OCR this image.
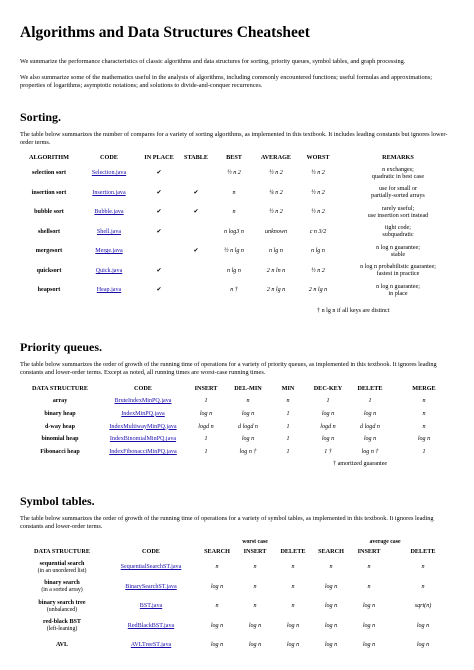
Algorithms and Data Structures Cheatsheet

We summarize the performance characteristics of classic algorithms and data structures for sorting, priority queues, symbol tables, and graph processing.

We also summarize some of the mathematics useful in the analysis of algorithms, including commonly encountered functions; useful formulas and approximations; properties of logarithms; asymptotic notations; and solutions to divide-and-conquer recurrences.

Sorting.

The table below summarizes the number of compares for a variety of sorting algorithms, as implemented in this textbook. It includes leading constants but ignores lower-order terms.

ALGORITHM	CODE	IN PLACE	STABLE	BEST	AVERAGE	WORST	REMARKS
selection sort	Selection.java	✔		½ n 2	½ n 2	½ n 2	n exchanges;
quadratic in best case

insertion sort	Insertion.java	✔	✔	n	¼ n 2	½ n 2	use for small or
partially-sorted arrays

bubble sort	Bubble.java	✔	✔	n	½ n 2	½ n 2	rarely useful;
use insertion sort instead

shellsort	Shell.java	✔		n log3 n	unknown	c n 3/2	tight code;
subquadratic

mergesort	Merge.java		✔	½ n lg n	n lg n	n lg n	n log n guarantee;
stable

quicksort	Quick.java	✔		n lg n	2 n ln n	½ n 2	n log n probabilistic guarantee;
fastest in practice

heapsort	Heap.java	✔		n †	2 n lg n	2 n lg n	n log n guarantee;
in place
† n lg n if all keys are distinct
Priority queues.

The table below summarizes the order of growth of the running time of operations for a variety of priority queues, as implemented in this textbook. It ignores leading constants and lower-order terms. Except as noted, all running times are worst-case running times.

DATA STRUCTURE	CODE	INSERT	DEL-MIN	MIN	DEC-KEY	DELETE	MERGE
array	BruteIndexMinPQ.java	1	n	n	1	1	n
binary heap	IndexMinPQ.java	log n	log n	1	log n	log n	n
d-way heap	IndexMultiwayMinPQ.java	logd n	d logd n	1	logd n	d logd n	n
binomial heap	IndexBinomialMinPQ.java	1	log n	1	log n	log n	log n
Fibonacci heap	IndexFibonacciMinPQ.java	1	log n †	1	1 †	log n †	1
† amortized guarantee
Symbol tables.

The table below summarizes the order of growth of the running time of operations for a variety of symbol tables, as implemented in this textbook. It ignores leading constants and lower-order terms.

		worst case			average case		
DATA STRUCTURE	CODE	SEARCH	INSERT	DELETE	SEARCH	INSERT	DELETE

sequential search
(in an unordered list)	SequentialSearchST.java	n	n	n	n	n	n

binary search
(in a sorted array)	BinarySearchST.java	log n	n	n	log n	n	n

binary search tree
(unbalanced)	BST.java	n	n	n	log n	log n	sqrt(n)

red-black BST
(left-leaning)	RedBlackBST.java	log n	log n	log n	log n	log n	log n

AVL	AVLTreeST.java	log n	log n	log n	log n	log n	log n
